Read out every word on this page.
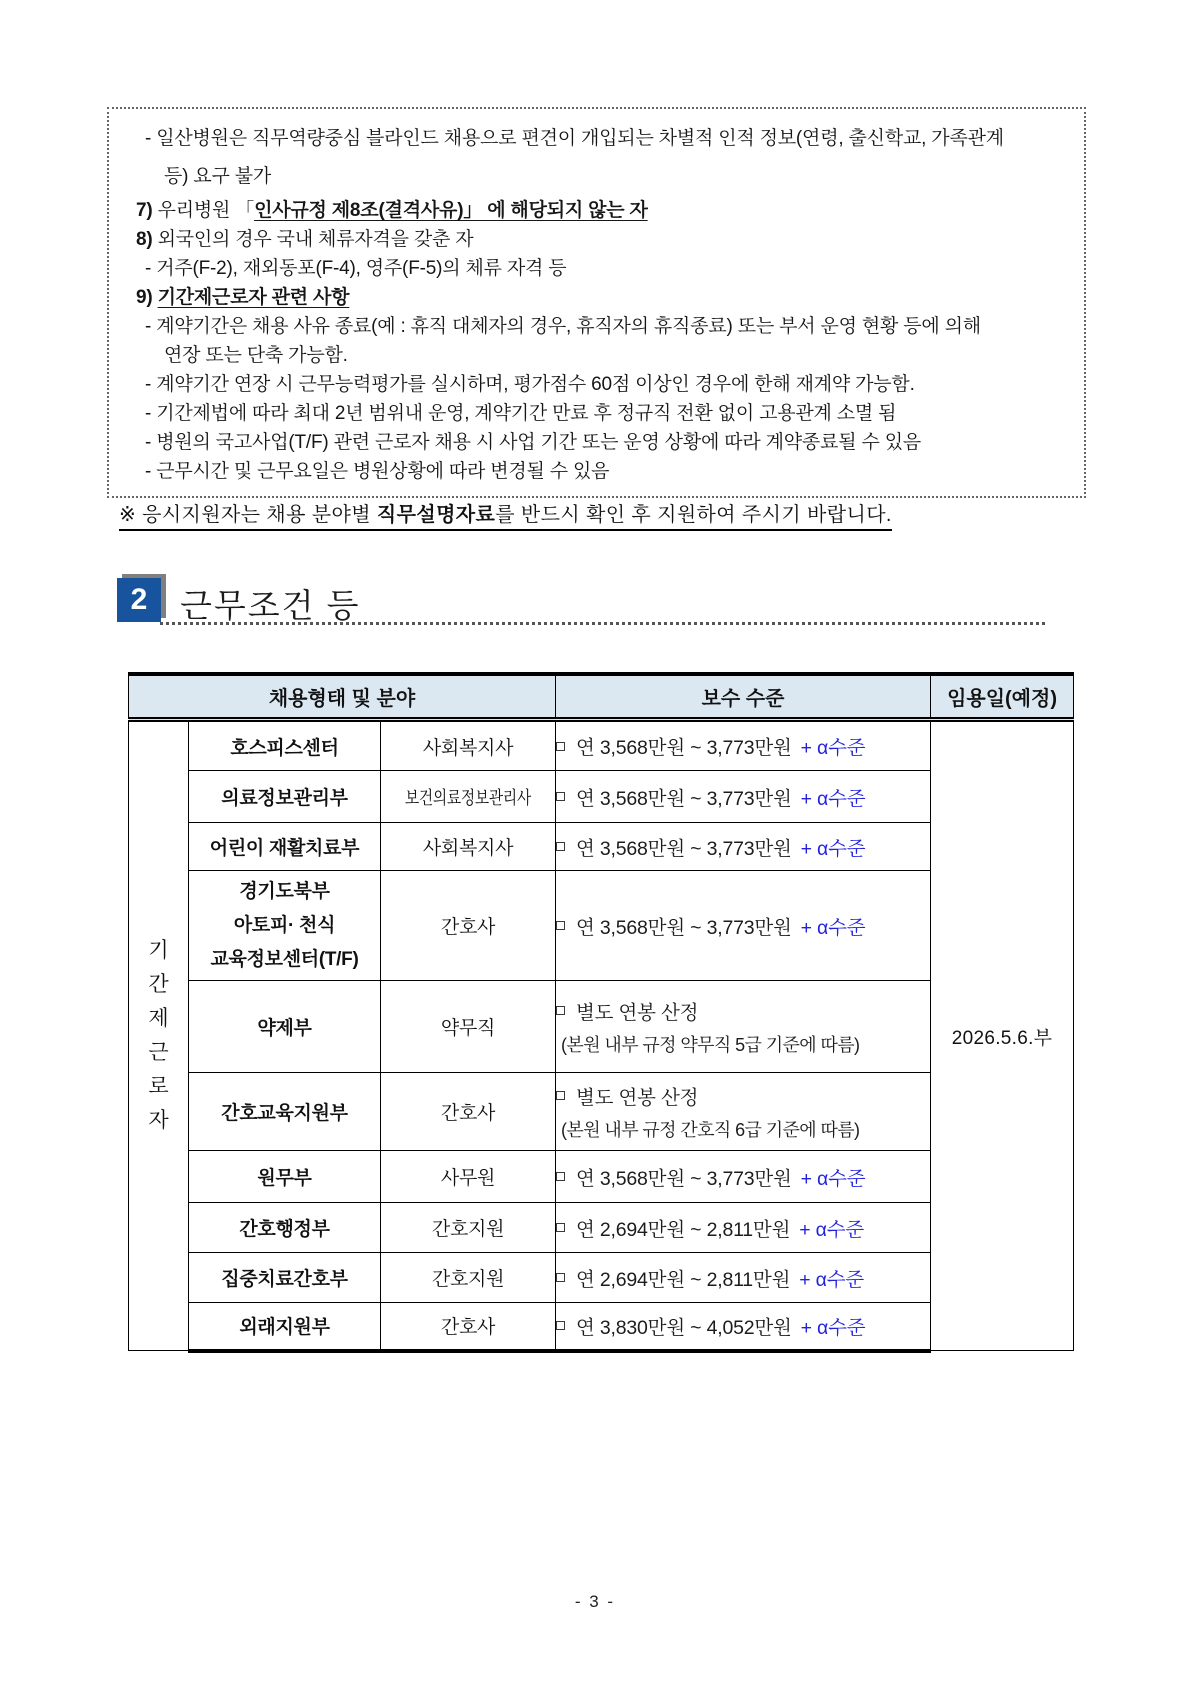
- 일산병원은 직무역량중심 블라인드 채용으로 편견이 개입되는 차별적 인적 정보(연령, 출신학교, 가족관계

등) 요구 불가

7) 우리병원 「인사규정 제8조(결격사유)」 에 해당되지 않는 자

8) 외국인의 경우 국내 체류자격을 갖춘 자

- 거주(F-2), 재외동포(F-4), 영주(F-5)의 체류 자격 등

9) 기간제근로자 관련 사항

- 계약기간은 채용 사유 종료(예 : 휴직 대체자의 경우, 휴직자의 휴직종료) 또는 부서 운영 현황 등에 의해

연장 또는 단축 가능함.

- 계약기간 연장 시 근무능력평가를 실시하며, 평가점수 60점 이상인 경우에 한해 재계약 가능함.

- 기간제법에 따라 최대 2년 범위내 운영, 계약기간 만료 후 정규직 전환 없이 고용관계 소멸 됨

- 병원의 국고사업(T/F) 관련 근로자 채용 시 사업 기간 또는 운영 상황에 따라 계약종료될 수 있음

- 근무시간 및 근무요일은 병원상황에 따라 변경될 수 있음

※ 응시지원자는 채용 분야별 직무설명자료를 반드시 확인 후 지원하여 주시기 바랍니다.
2 근무조건 등
채용형태 및 분야			보수 수준	임용일(예정)

기간제근로자	호스피스센터	사회복지사	연 3,568만원 ~ 3,773만원 + α수준	2026.5.6.부
	의료정보관리부	보건의료정보관리사	연 3,568만원 ~ 3,773만원 + α수준	

	어린이 재활치료부	사회복지사	연 3,568만원 ~ 3,773만원 + α수준	

경기도북부
아토피· 천식
교육정보센터(T/F)
	간호사	연 3,568만원 ~ 3,773만원 + α수준

	약제부	약무직	별도 연봉 산정
(본원 내부 규정 약무직 5급 기준에 따름)	

	간호교육지원부	간호사	별도 연봉 산정
(본원 내부 규정 간호직 6급 기준에 따름)	

	원무부	사무원	연 3,568만원 ~ 3,773만원 + α수준	

	간호행정부	간호지원	연 2,694만원 ~ 2,811만원 + α수준	

	집중치료간호부	간호지원	연 2,694만원 ~ 2,811만원 + α수준	

	외래지원부	간호사	연 3,830만원 ~ 4,052만원 + α수준	
- 3 -
